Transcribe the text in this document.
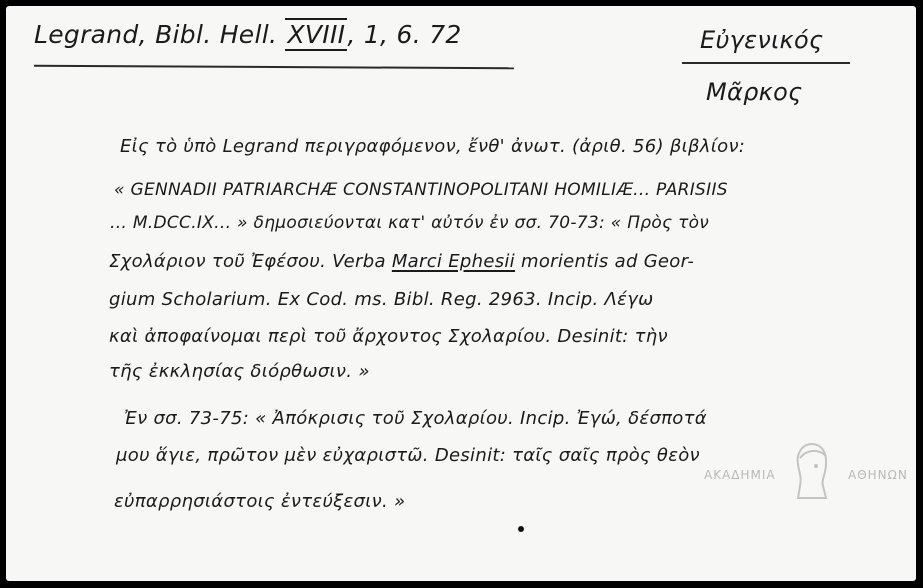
Legrand, Bibl. Hell. XVIII, 1, 6. 72	Εὐγενικός
Μᾶρκος
Εἰς τὸ ὑπὸ Legrand περιγραφόμενον, ἔνθ' ἀνωτ. (ἀριθ. 56) βιβλίον:
« GENNADII PATRIARCHÆ CONSTANTINOPOLITANI HOMILIÆ... PARISIIS
... M.DCC.IX... » δημοσιεύονται κατ' αὐτόν ἐν σσ. 70-73: « Πρὸς τὸν
Σχολάριον τοῦ Ἐφέσου. Verba Marci Ephesii morientis ad Geor-
gium Scholarium. Ex Cod. ms. Bibl. Reg. 2963. Incip. Λέγω
καὶ ἀποφαίνομαι περὶ τοῦ ἄρχοντος Σχολαρίου. Desinit: τὴν
τῆς ἐκκλησίας διόρθωσιν. »
Ἐν σσ. 73-75: « Ἀπόκρισις τοῦ Σχολαρίου. Incip. Ἐγώ, δέσποτά
μου ἅγιε, πρῶτον μὲν εὐχαριστῶ. Desinit: ταῖς σαῖς πρὸς θεὸν
εὐπαρρησιάστοις ἐντεύξεσιν. »
ΑΚΑΔΗΜΙΑ	ΑΘΗΝΩΝ
